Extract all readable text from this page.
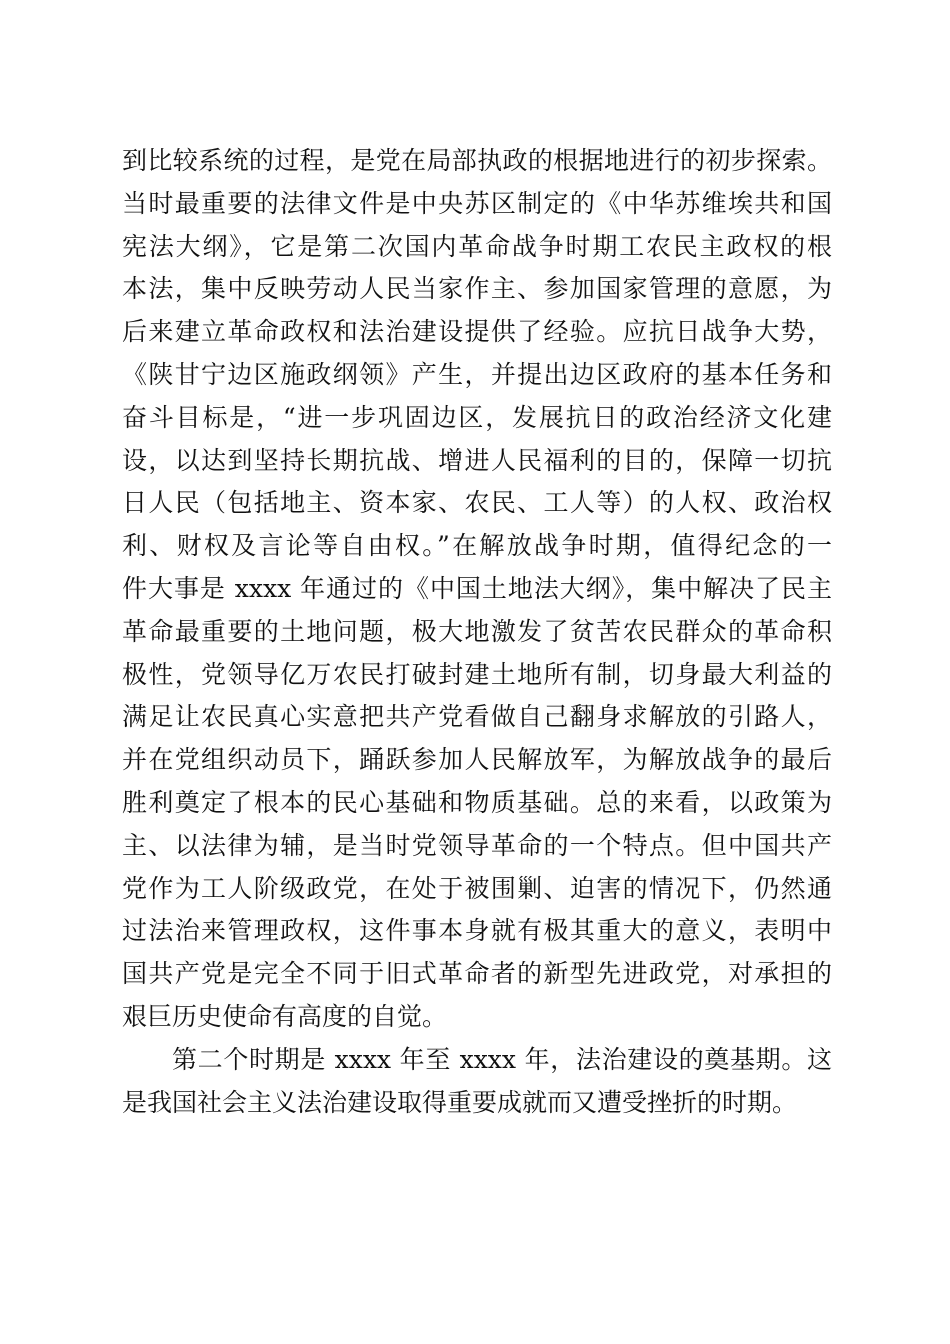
到比较系统的过程，是党在局部执政的根据地进行的初步探索。
当时最重要的法律文件是中央苏区制定的《中华苏维埃共和国
宪法大纲》，它是第二次国内革命战争时期工农民主政权的根
本法，集中反映劳动人民当家作主、参加国家管理的意愿，为
后来建立革命政权和法治建设提供了经验。应抗日战争大势，
《陕甘宁边区施政纲领》产生，并提出边区政府的基本任务和
奋斗目标是，“进一步巩固边区，发展抗日的政治经济文化建
设，以达到坚持长期抗战、增进人民福利的目的，保障一切抗
日人民（包括地主、资本家、农民、工人等）的人权、政治权
利、财权及言论等自由权。”在解放战争时期，值得纪念的一
件大事是 xxxx 年通过的《中国土地法大纲》，集中解决了民主
革命最重要的土地问题，极大地激发了贫苦农民群众的革命积
极性，党领导亿万农民打破封建土地所有制，切身最大利益的
满足让农民真心实意把共产党看做自己翻身求解放的引路人，
并在党组织动员下，踊跃参加人民解放军，为解放战争的最后
胜利奠定了根本的民心基础和物质基础。总的来看，以政策为
主、以法律为辅，是当时党领导革命的一个特点。但中国共产
党作为工人阶级政党，在处于被围剿、迫害的情况下，仍然通
过法治来管理政权，这件事本身就有极其重大的意义，表明中
国共产党是完全不同于旧式革命者的新型先进政党，对承担的
艰巨历史使命有高度的自觉。
第二个时期是 xxxx 年至 xxxx 年，法治建设的奠基期。这
是我国社会主义法治建设取得重要成就而又遭受挫折的时期。
